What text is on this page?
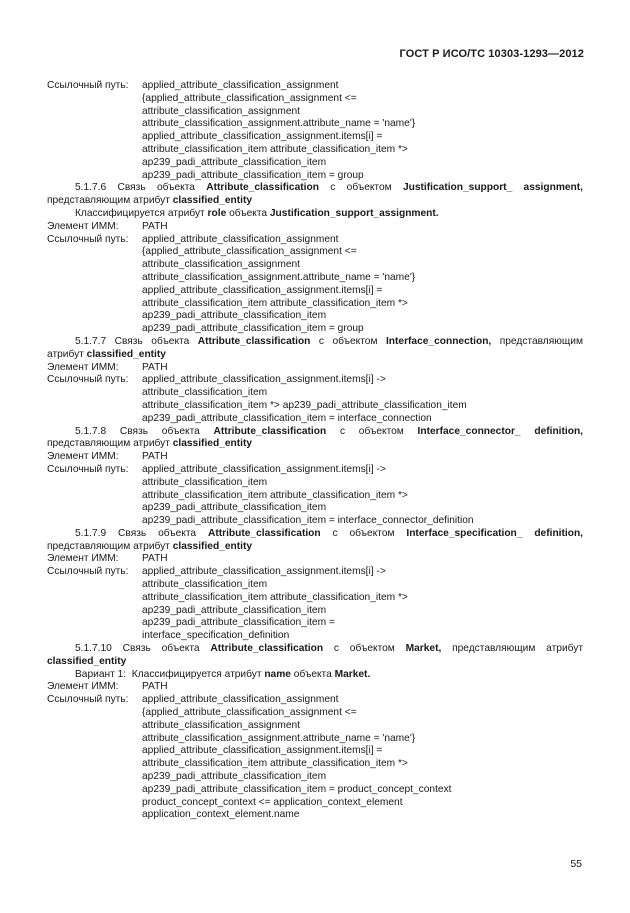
ГОСТ Р ИСО/ТС 10303-1293—2012
Ссылочный путь:	applied_attribute_classification_assignment
{applied_attribute_classification_assignment <=
attribute_classification_assignment
attribute_classification_assignment.attribute_name = 'name'}
applied_attribute_classification_assignment.items[i] =
attribute_classification_item attribute_classification_item *>
ap239_padi_attribute_classification_item
ap239_padi_attribute_classification_item = group
5.1.7.6 Связь объекта Attribute_classification с объектом Justification_support_ assignment, представляющим атрибут classified_entity
Классифицируется атрибут role объекта Justification_support_assignment.
Элемент ИММ:	PATH
Ссылочный путь:	applied_attribute_classification_assignment
{applied_attribute_classification_assignment <=
attribute_classification_assignment
attribute_classification_assignment.attribute_name = 'name'}
applied_attribute_classification_assignment.items[i] =
attribute_classification_item attribute_classification_item *>
ap239_padi_attribute_classification_item
ap239_padi_attribute_classification_item = group
5.1.7.7 Связь объекта Attribute_classification с объектом Interface_connection, представляющим атрибут classified_entity
Элемент ИММ:	PATH
Ссылочный путь:	applied_attribute_classification_assignment.items[i] ->
attribute_classification_item
attribute_classification_item *> ap239_padi_attribute_classification_item
ap239_padi_attribute_classification_item = interface_connection
5.1.7.8 Связь объекта Attribute_classification с объектом Interface_connector_ definition, представляющим атрибут classified_entity
Элемент ИММ:	PATH
Ссылочный путь:	applied_attribute_classification_assignment.items[i] ->
attribute_classification_item
attribute_classification_item attribute_classification_item *>
ap239_padi_attribute_classification_item
ap239_padi_attribute_classification_item = interface_connector_definition
5.1.7.9 Связь объекта Attribute_classification с объектом Interface_specification_ definition, представляющим атрибут classified_entity
Элемент ИММ:	PATH
Ссылочный путь:	applied_attribute_classification_assignment.items[i] ->
attribute_classification_item
attribute_classification_item attribute_classification_item *>
ap239_padi_attribute_classification_item
ap239_padi_attribute_classification_item =
interface_specification_definition
5.1.7.10 Связь объекта Attribute_classification с объектом Market, представляющим атрибут classified_entity
Вариант 1: Классифицируется атрибут name объекта Market.
Элемент ИММ:	PATH
Ссылочный путь:	applied_attribute_classification_assignment
{applied_attribute_classification_assignment <=
attribute_classification_assignment
attribute_classification_assignment.attribute_name = 'name'}
applied_attribute_classification_assignment.items[i] =
attribute_classification_item attribute_classification_item *>
ap239_padi_attribute_classification_item
ap239_padi_attribute_classification_item = product_concept_context
product_concept_context <= application_context_element
application_context_element.name
55
